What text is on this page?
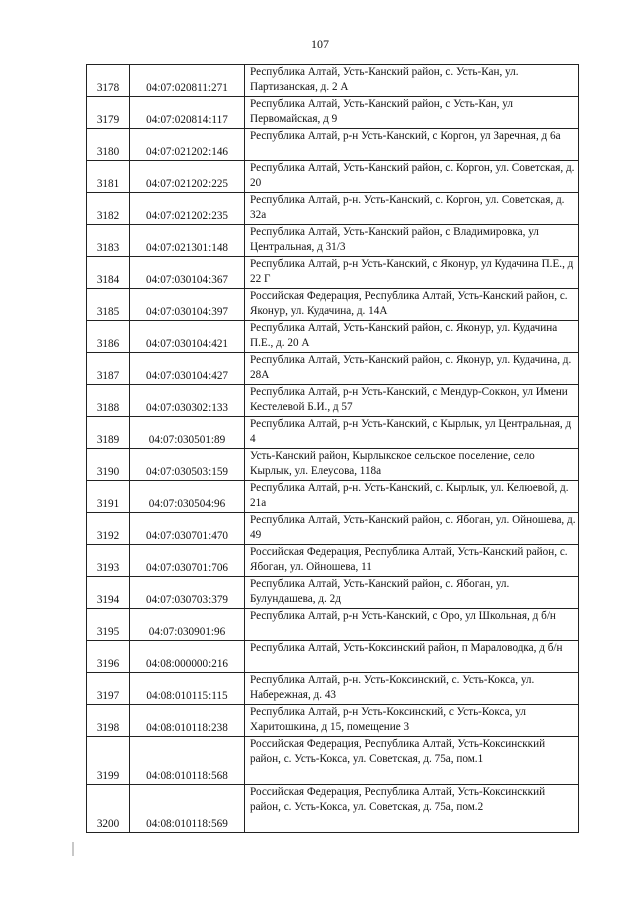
107
3178	04:07:020811:271	Республика Алтай, Усть-Канский район, с. Усть-Кан, ул. Партизанская, д. 2 А
3179	04:07:020814:117	Республика Алтай, Усть-Канский район, с Усть-Кан, ул Первомайская, д 9
3180	04:07:021202:146	Республика Алтай, р-н Усть-Канский, с Коргон, ул Заречная, д 6а
3181	04:07:021202:225	Республика Алтай, Усть-Канский район, с. Коргон, ул. Советская, д. 20
3182	04:07:021202:235	Республика Алтай, р-н. Усть-Канский, с. Коргон, ул. Советская, д. 32а
3183	04:07:021301:148	Республика Алтай, Усть-Канский район, с Владимировка, ул Центральная, д 31/3
3184	04:07:030104:367	Республика Алтай, р-н Усть-Канский, с Яконур, ул Кудачина П.Е., д 22 Г
3185	04:07:030104:397	Российская Федерация, Республика Алтай, Усть-Канский район, с. Яконур, ул. Кудачина, д. 14А
3186	04:07:030104:421	Республика Алтай, Усть-Канский район, с. Яконур, ул. Кудачина П.Е., д. 20 А
3187	04:07:030104:427	Республика Алтай, Усть-Канский район, с. Яконур, ул. Кудачина, д. 28А
3188	04:07:030302:133	Республика Алтай, р-н Усть-Канский, с Мендур-Соккон, ул Имени Кестелевой Б.И., д 57
3189	04:07:030501:89	Республика Алтай, р-н Усть-Канский, с Кырлык, ул Центральная, д 4
3190	04:07:030503:159	Усть-Канский район, Кырлыкское сельское поселение, село Кырлык, ул. Елеусова, 118а
3191	04:07:030504:96	Республика Алтай, р-н. Усть-Канский, с. Кырлык, ул. Келюевой, д. 21а
3192	04:07:030701:470	Республика Алтай, Усть-Канский район, с. Ябоган, ул. Ойношева, д. 49
3193	04:07:030701:706	Российская Федерация, Республика Алтай, Усть-Канский район, с. Ябоган, ул. Ойношева, 11
3194	04:07:030703:379	Республика Алтай, Усть-Канский район, с. Ябоган, ул. Булундашева, д. 2д
3195	04:07:030901:96	Республика Алтай, р-н Усть-Канский, с Оро, ул Школьная, д б/н
3196	04:08:000000:216	Республика Алтай, Усть-Коксинский район, п Мараловодка, д б/н
3197	04:08:010115:115	Республика Алтай, р-н. Усть-Коксинский, с. Усть-Кокса, ул. Набережная, д. 43
3198	04:08:010118:238	Республика Алтай, р-н Усть-Коксинский, с Усть-Кокса, ул Харитошкина, д 15, помещение 3
3199	04:08:010118:568	Российская Федерация, Республика Алтай, Усть-Коксинсккий район, с. Усть-Кокса, ул. Советская, д. 75а, пом.1
3200	04:08:010118:569	Российская Федерация, Республика Алтай, Усть-Коксинсккий район, с. Усть-Кокса, ул. Советская, д. 75а, пом.2
